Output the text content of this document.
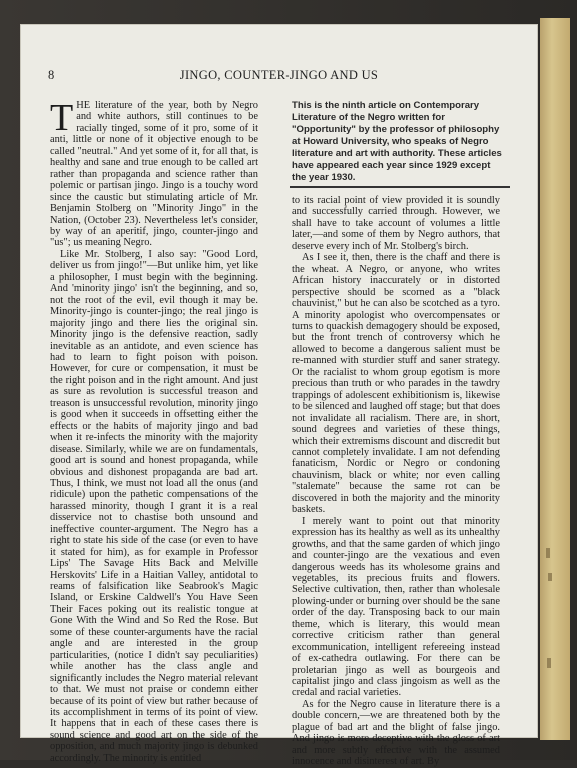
8	JINGO, COUNTER-JINGO AND US

THE literature of the year, both by Negro and white authors, still continues to be racially tinged, some of it pro, some of it anti, little or none of it objective enough to be called "neutral." And yet some of it, for all that, is healthy and sane and true enough to be called art rather than propaganda and science rather than polemic or partisan jingo. Jingo is a touchy word since the caustic but stimulating article of Mr. Benjamin Stolberg on "Minority Jingo" in the Nation, (October 23). Nevertheless let's consider, by way of an aperitif, jingo, counter-jingo and "us"; us meaning Negro.

Like Mr. Stolberg, I also say: "Good Lord, deliver us from jingo!"—But unlike him, yet like a philosopher, I must begin with the beginning. And 'minority jingo' isn't the beginning, and so, not the root of the evil, evil though it may be. Minority-jingo is counter-jingo; the real jingo is majority jingo and there lies the original sin. Minority jingo is the defensive reaction, sadly inevitable as an antidote, and even science has had to learn to fight poison with poison. However, for cure or compensation, it must be the right poison and in the right amount. And just as sure as revolution is successful treason and treason is unsuccessful revolution, minority jingo is good when it succeeds in offsetting either the effects or the habits of majority jingo and bad when it re-infects the minority with the majority disease. Similarly, while we are on fundamentals, good art is sound and honest propaganda, while obvious and dishonest propaganda are bad art. Thus, I think, we must not load all the onus (and ridicule) upon the pathetic compensations of the harassed minority, though I grant it is a real disservice not to chastise both unsound and ineffective counter-argument. The Negro has a right to state his side of the case (or even to have it stated for him), as for example in Professor Lips' The Savage Hits Back and Melville Herskovits' Life in a Haitian Valley, antidotal to reams of falsification like Seabrook's Magic Island, or Erskine Caldwell's You Have Seen Their Faces poking out its realistic tongue at Gone With the Wind and So Red the Rose. But some of these counter-arguments have the racial angle and are interested in the group particularities, (notice I didn't say peculiarities) while another has the class angle and significantly includes the Negro material relevant to that. We must not praise or condemn either because of its point of view but rather because of its accomplishment in terms of its point of view. It happens that in each of these cases there is sound science and good art on the side of the opposition, and much majority jingo is debunked accordingly. The minority is entitled

This is the ninth article on Contemporary Literature of the Negro written for "Opportunity" by the professor of philosophy at Howard University, who speaks of Negro literature and art with authority. These articles have appeared each year since 1929 except the year 1930.

to its racial point of view provided it is soundly and successfully carried through. However, we shall have to take account of volumes a little later,—and some of them by Negro authors, that deserve every inch of Mr. Stolberg's birch.

As I see it, then, there is the chaff and there is the wheat. A Negro, or anyone, who writes African history inaccurately or in distorted perspective should be scorned as a "black chauvinist," but he can also be scotched as a tyro. A minority apologist who overcompensates or turns to quackish demagogery should be exposed, but the front trench of controversy which he allowed to become a dangerous salient must be re-manned with sturdier stuff and saner strategy. Or the racialist to whom group egotism is more precious than truth or who parades in the tawdry trappings of adolescent exhibitionism is, likewise to be silenced and laughed off stage; but that does not invalidate all racialism. There are, in short, sound degrees and varieties of these things, which their extremisms discount and discredit but cannot completely invalidate. I am not defending fanaticism, Nordic or Negro or condoning chauvinism, black or white; nor even calling "stalemate" because the same rot can be discovered in both the majority and the minority baskets.

I merely want to point out that minority expression has its healthy as well as its unhealthy growths, and that the same garden of which jingo and counter-jingo are the vexatious and even dangerous weeds has its wholesome grains and vegetables, its precious fruits and flowers. Selective cultivation, then, rather than wholesale plowing-under or burning over should be the sane order of the day. Transposing back to our main theme, which is literary, this would mean corrective criticism rather than general excommunication, intelligent refereeing instead of ex-cathedra outlawing. For there can be proletarian jingo as well as bourgeois and capitalist jingo and class jingoism as well as the credal and racial varieties.

As for the Negro cause in literature there is a double concern,—we are threatened both by the plague of bad art and the blight of false jingo. And jingo is more deceptive with the gloss of art and more subtly effective with the assumed innocence and disinterest of art. By
